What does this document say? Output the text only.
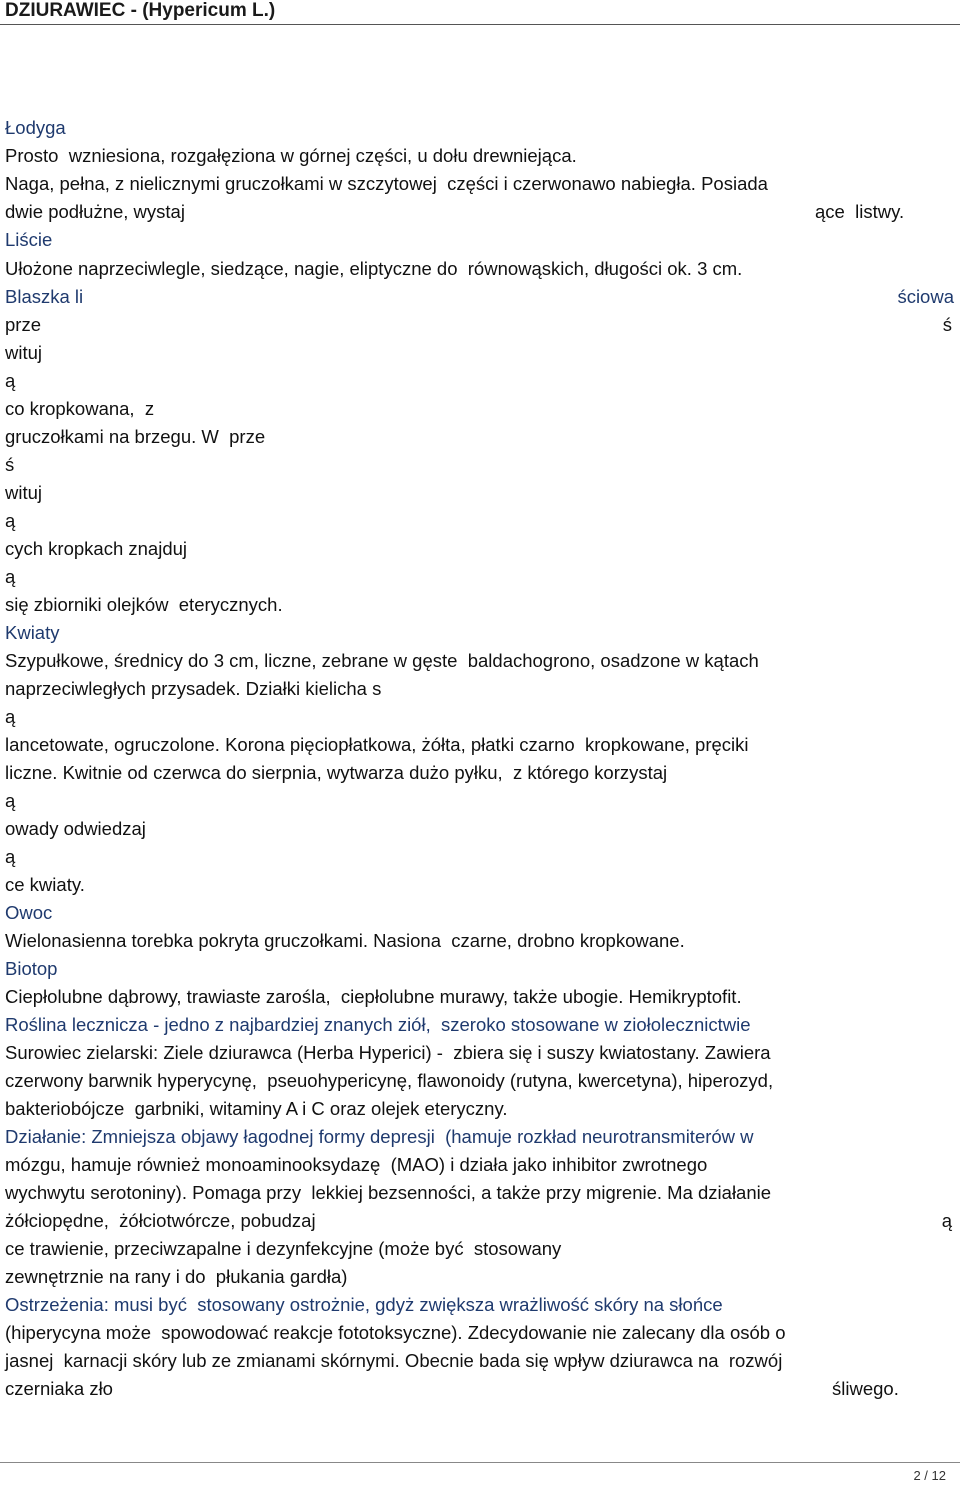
DZIURAWIEC - (Hypericum L.)
Łodyga
Prosto  wzniesiona, rozgałęziona w górnej części, u dołu drewniejąca.
Naga, pełna, z nielicznymi gruczołkami w szczytowej  części i czerwonawo nabiegła. Posiada
dwie podłużne, wystaj	ące  listwy.
Liście
Ułożone naprzeciwlegle, siedzące, nagie, eliptyczne do  równowąskich, długości ok. 3 cm.
Blaszka li	ściowa
prze	ś
wituj
ą
co kropkowana,  z
gruczołkami na brzegu. W  prze
ś
wituj
ą
cych kropkach znajduj
ą
się zbiorniki olejków  eterycznych.
Kwiaty
Szypułkowe, średnicy do 3 cm, liczne, zebrane w gęste  baldachogrono, osadzone w kątach
naprzeciwległych przysadek. Działki kielicha s
ą
lancetowate, ogruczolone. Korona pięciopłatkowa, żółta, płatki czarno  kropkowane, pręciki
liczne. Kwitnie od czerwca do sierpnia, wytwarza dużo pyłku,  z którego korzystaj
ą
owady odwiedzaj
ą
ce kwiaty.
Owoc
Wielonasienna torebka pokryta gruczołkami. Nasiona  czarne, drobno kropkowane.
Biotop
Ciepłolubne dąbrowy, trawiaste zarośla,  ciepłolubne murawy, także ubogie. Hemikryptofit.
Roślina lecznicza - jedno z najbardziej znanych ziół,  szeroko stosowane w ziołolecznictwie
Surowiec zielarski: Ziele dziurawca (Herba Hyperici) -  zbiera się i suszy kwiatostany. Zawiera
czerwony barwnik hyperycynę,  pseuohypericynę, flawonoidy (rutyna, kwercetyna), hiperozyd,
bakteriobójcze  garbniki, witaminy A i C oraz olejek eteryczny.
Działanie: Zmniejsza objawy łagodnej formy depresji  (hamuje rozkład neurotransmiterów w
mózgu, hamuje również monoaminooksydazę  (MAO) i działa jako inhibitor zwrotnego
wychwytu serotoniny). Pomaga przy  lekkiej bezsenności, a także przy migrenie. Ma działanie
żółciopędne,  żółciotwórcze, pobudzaj	ą
ce trawienie, przeciwzapalne i dezynfekcyjne (może być  stosowany
zewnętrznie na rany i do  płukania gardła)
Ostrzeżenia: musi być  stosowany ostrożnie, gdyż zwiększa wrażliwość skóry na słońce
(hiperycyna może  spowodować reakcje fototoksyczne). Zdecydowanie nie zalecany dla osób o
jasnej  karnacji skóry lub ze zmianami skórnymi. Obecnie bada się wpływ dziurawca na  rozwój
czerniaka zło	śliwego.
2 / 12
